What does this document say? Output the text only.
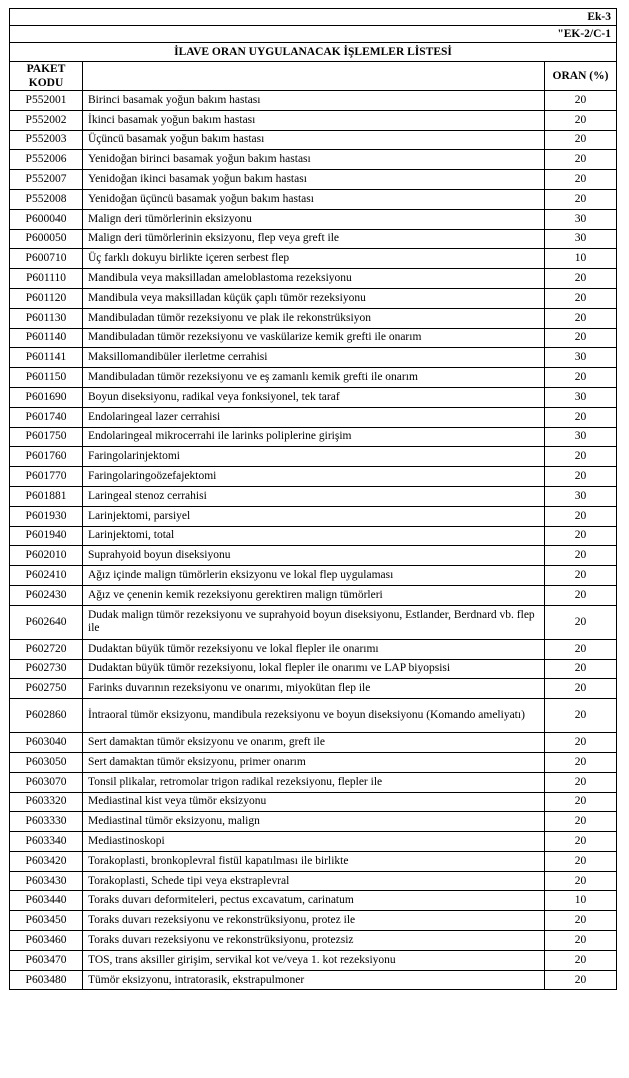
Ek-3		
"EK-2/C-1		
İLAVE ORAN UYGULANACAK İŞLEMLER LİSTESİ		
PAKET
KODU		ORAN (%)
P552001	Birinci basamak yoğun bakım hastası	20
P552002	İkinci basamak yoğun bakım hastası	20
P552003	Üçüncü basamak yoğun bakım hastası	20
P552006	Yenidoğan birinci basamak yoğun bakım hastası	20
P552007	Yenidoğan ikinci basamak yoğun bakım hastası	20
P552008	Yenidoğan üçüncü basamak yoğun bakım hastası	20
P600040	Malign deri tümörlerinin eksizyonu	30
P600050	Malign deri tümörlerinin eksizyonu, flep veya greft ile	30
P600710	Üç farklı dokuyu birlikte içeren serbest flep	10
P601110	Mandibula veya maksilladan ameloblastoma rezeksiyonu	20
P601120	Mandibula veya maksilladan küçük çaplı tümör rezeksiyonu	20
P601130	Mandibuladan tümör rezeksiyonu ve plak ile rekonstrüksiyon	20
P601140	Mandibuladan tümör rezeksiyonu ve vaskülarize kemik grefti ile onarım	20
P601141	Maksillomandibüler ilerletme cerrahisi	30
P601150	Mandibuladan tümör rezeksiyonu ve eş zamanlı kemik grefti ile onarım	20
P601690	Boyun diseksiyonu, radikal veya fonksiyonel, tek taraf	30
P601740	Endolaringeal lazer cerrahisi	20
P601750	Endolaringeal mikrocerrahi ile larinks poliplerine girişim	30
P601760	Faringolarinjektomi	20
P601770	Faringolaringoözefajektomi	20
P601881	Laringeal stenoz cerrahisi	30
P601930	Larinjektomi, parsiyel	20
P601940	Larinjektomi, total	20
P602010	Suprahyoid boyun diseksiyonu	20
P602410	Ağız içinde malign tümörlerin eksizyonu ve lokal flep uygulaması	20
P602430	Ağız ve çenenin kemik rezeksiyonu gerektiren malign tümörleri	20
P602640	Dudak malign tümör rezeksiyonu ve suprahyoid boyun diseksiyonu, Estlander, Berdnard vb. flep ile	20
P602720	Dudaktan büyük tümör rezeksiyonu ve lokal flepler ile onarımı	20
P602730	Dudaktan büyük tümör rezeksiyonu, lokal flepler ile onarımı ve LAP biyopsisi	20
P602750	Farinks duvarının rezeksiyonu ve onarımı, miyokütan flep ile	20
P602860	İntraoral tümör eksizyonu, mandibula rezeksiyonu ve boyun diseksiyonu (Komando ameliyatı)	20
P603040	Sert damaktan tümör eksizyonu ve onarım, greft ile	20
P603050	Sert damaktan tümör eksizyonu, primer onarım	20
P603070	Tonsil plikalar, retromolar trigon radikal rezeksiyonu, flepler ile	20
P603320	Mediastinal kist veya tümör eksizyonu	20
P603330	Mediastinal tümör eksizyonu, malign	20
P603340	Mediastinoskopi	20
P603420	Torakoplasti, bronkoplevral fistül kapatılması ile birlikte	20
P603430	Torakoplasti, Schede tipi veya ekstraplevral	20
P603440	Toraks duvarı deformiteleri, pectus excavatum, carinatum	10
P603450	Toraks duvarı rezeksiyonu ve rekonstrüksiyonu, protez ile	20
P603460	Toraks duvarı rezeksiyonu ve rekonstrüksiyonu, protezsiz	20
P603470	TOS, trans aksiller girişim, servikal kot ve/veya 1. kot rezeksiyonu	20
P603480	Tümör eksizyonu, intratorasik, ekstrapulmoner	20
